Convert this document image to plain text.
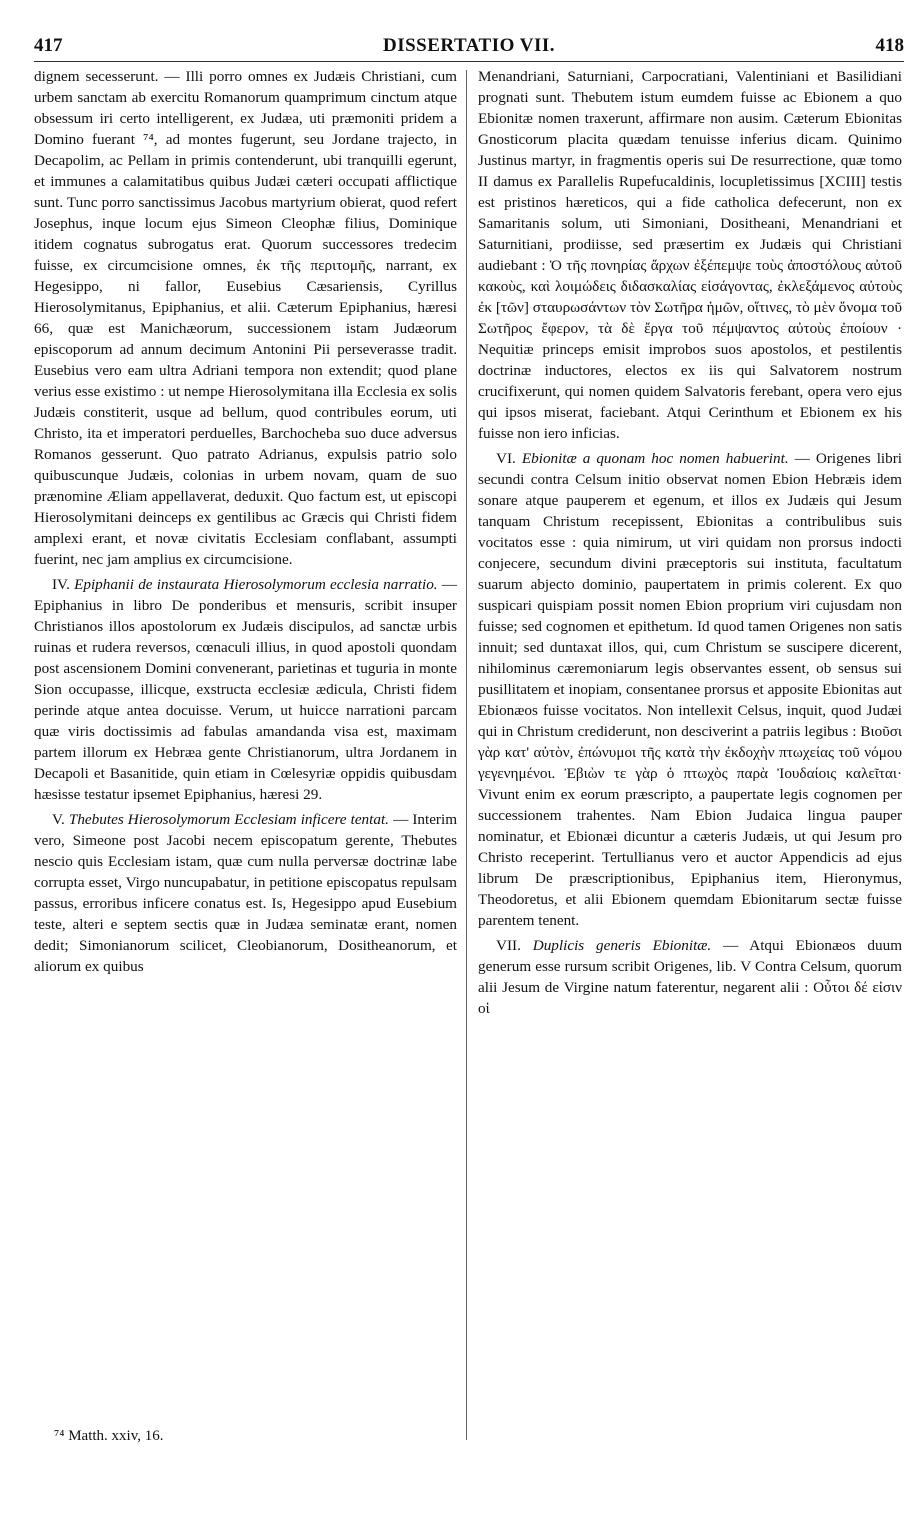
417	DISSERTATIO VII.	418

dignem secesserunt. — Illi porro omnes ex Judæis Christiani, cum urbem sanctam ab exercitu Romanorum quamprimum cinctum atque obsessum iri certo intelligerent, ex Judæa, uti præmoniti pridem a Domino fuerant ⁷⁴, ad montes fugerunt, seu Jordane trajecto, in Decapolim, ac Pellam in primis contenderunt, ubi tranquilli egerunt, et immunes a calamitatibus quibus Judæi cæteri occupati afflictique sunt. Tunc porro sanctissimus Jacobus martyrium obierat, quod refert Josephus, inque locum ejus Simeon Cleophæ filius, Dominique itidem cognatus subrogatus erat. Quorum successores tredecim fuisse, ex circumcisione omnes, ἐκ τῆς περιτομῆς, narrant, ex Hegesippo, ni fallor, Eusebius Cæsariensis, Cyrillus Hierosolymitanus, Epiphanius, et alii. Cæterum Epiphanius, hæresi 66, quæ est Manichæorum, successionem istam Judæorum episcoporum ad annum decimum Antonini Pii perseverasse tradit. Eusebius vero eam ultra Adriani tempora non extendit; quod plane verius esse existimo : ut nempe Hierosolymitana illa Ecclesia ex solis Judæis constiterit, usque ad bellum, quod contribules eorum, uti Christo, ita et imperatori perduelles, Barchocheba suo duce adversus Romanos gesserunt. Quo patrato Adrianus, expulsis patrio solo quibuscunque Judæis, colonias in urbem novam, quam de suo prænomine Æliam appellaverat, deduxit. Quo factum est, ut episcopi Hierosolymitani deinceps ex gentilibus ac Græcis qui Christi fidem amplexi erant, et novæ civitatis Ecclesiam conflabant, assumpti fuerint, nec jam amplius ex circumcisione.

IV. Epiphanii de instaurata Hierosolymorum ecclesia narratio. — Epiphanius in libro De ponderibus et mensuris, scribit insuper Christianos illos apostolorum ex Judæis discipulos, ad sanctæ urbis ruinas et rudera reversos, cœnaculi illius, in quod apostoli quondam post ascensionem Domini convenerant, parietinas et tuguria in monte Sion occupasse, illicque, exstructa ecclesiæ ædicula, Christi fidem perinde atque antea docuisse. Verum, ut huicce narrationi parcam quæ viris doctissimis ad fabulas amandanda visa est, maximam partem illorum ex Hebræa gente Christianorum, ultra Jordanem in Decapoli et Basanitide, quin etiam in Cœlesyriæ oppidis quibusdam hæsisse testatur ipsemet Epiphanius, hæresi 29.

V. Thebutes Hierosolymorum Ecclesiam inficere tentat. — Interim vero, Simeone post Jacobi necem episcopatum gerente, Thebutes nescio quis Ecclesiam istam, quæ cum nulla perversæ doctrinæ labe corrupta esset, Virgo nuncupabatur, in petitione episcopatus repulsam passus, erroribus inficere conatus est. Is, Hegesippo apud Eusebium teste, alteri e septem sectis quæ in Judæa seminatæ erant, nomen dedit; Simonianorum scilicet, Cleobianorum, Dositheanorum, et aliorum ex quibus

Menandriani, Saturniani, Carpocratiani, Valentiniani et Basilidiani prognati sunt. Thebutem istum eumdem fuisse ac Ebionem a quo Ebionitæ nomen traxerunt, affirmare non ausim. Cæterum Ebionitas Gnosticorum placita quædam tenuisse inferius dicam. Quinimo Justinus martyr, in fragmentis operis sui De resurrectione, quæ tomo II damus ex Parallelis Rupefucaldinis, locupletissimus [XCIII] testis est pristinos hæreticos, qui a fide catholica defecerunt, non ex Samaritanis solum, uti Simoniani, Dositheani, Menandriani et Saturnitiani, prodiisse, sed præsertim ex Judæis qui Christiani audiebant : Ὁ τῆς πονηρίας ἄρχων ἐξέπεμψε τοὺς ἀποστόλους αὐτοῦ κακοὺς, καὶ λοιμώδεις διδασκαλίας εἰσάγοντας, ἐκλεξάμενος αὐτοὺς ἐκ [τῶν] σταυρωσάντων τὸν Σωτῆρα ἡμῶν, οἵτινες, τὸ μὲν ὄνομα τοῦ Σωτῆρος ἔφερον, τὰ δὲ ἔργα τοῦ πέμψαντος αὐτοὺς ἐποίουν · Nequitiæ princeps emisit improbos suos apostolos, et pestilentis doctrinæ inductores, electos ex iis qui Salvatorem nostrum crucifixerunt, qui nomen quidem Salvatoris ferebant, opera vero ejus qui ipsos miserat, faciebant. Atqui Cerinthum et Ebionem ex his fuisse non iero inficias.

VI. Ebionitæ a quonam hoc nomen habuerint. — Origenes libri secundi contra Celsum initio observat nomen Ebion Hebræis idem sonare atque pauperem et egenum, et illos ex Judæis qui Jesum tanquam Christum recepissent, Ebionitas a contribulibus suis vocitatos esse : quia nimirum, ut viri quidam non prorsus indocti conjecere, secundum divini præceptoris sui instituta, facultatum suarum abjecto dominio, paupertatem in primis colerent. Ex quo suspicari quispiam possit nomen Ebion proprium viri cujusdam non fuisse; sed cognomen et epithetum. Id quod tamen Origenes non satis innuit; sed duntaxat illos, qui, cum Christum se suscipere dicerent, nihilominus cæremoniarum legis observantes essent, ob sensus sui pusillitatem et inopiam, consentanee prorsus et apposite Ebionitas aut Ebionæos fuisse vocitatos. Non intellexit Celsus, inquit, quod Judæi qui in Christum crediderunt, non desciverint a patriis legibus : Βιοῦσι γὰρ κατ' αὐτὸν, ἐπώνυμοι τῆς κατὰ τὴν ἐκδοχὴν πτωχείας τοῦ νόμου γεγενημένοι. Ἐβιὼν τε γὰρ ὁ πτωχὸς παρὰ Ἰουδαίοις καλεῖται· Vivunt enim ex eorum præscripto, a paupertate legis cognomen per successionem trahentes. Nam Ebion Judaica lingua pauper nominatur, et Ebionæi dicuntur a cæteris Judæis, ut qui Jesum pro Christo receperint. Tertullianus vero et auctor Appendicis ad ejus librum De præscriptionibus, Epiphanius item, Hieronymus, Theodoretus, et alii Ebionem quemdam Ebionitarum sectæ fuisse parentem tenent.

VII. Duplicis generis Ebionitæ. — Atqui Ebionæos duum generum esse rursum scribit Origenes, lib. V Contra Celsum, quorum alii Jesum de Virgine natum faterentur, negarent alii : Οὗτοι δέ εἰσιν οἱ

⁷⁴ Matth. xxiv, 16.
